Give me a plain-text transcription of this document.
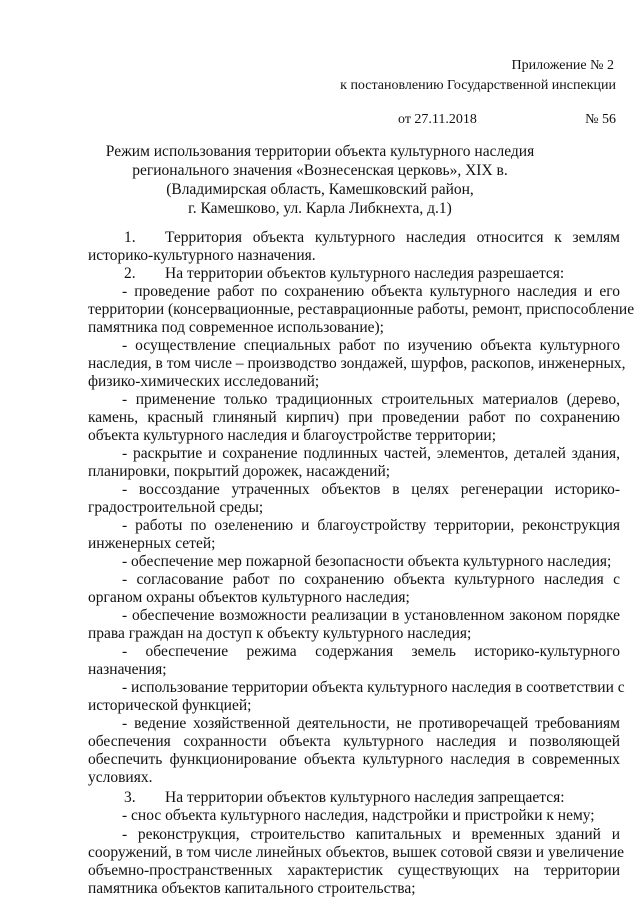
Приложение № 2
к постановлению Государственной инспекции
от 27.11.2018	№ 56
Режим использования территории объекта культурного наследия
регионального значения «Вознесенская церковь», XIX в.
(Владимирская область, Камешковский район,
г. Камешково, ул. Карла Либкнехта, д.1)
1. Территория объекта культурного наследия относится к землям
историко-культурного назначения.
2. На территории объектов культурного наследия разрешается:
- проведение работ по сохранению объекта культурного наследия и его
территории (консервационные, реставрационные работы, ремонт, приспособление
памятника под современное использование);
- осуществление специальных работ по изучению объекта культурного
наследия, в том числе – производство зондажей, шурфов, раскопов, инженерных,
физико-химических исследований;
- применение только традиционных строительных материалов (дерево,
камень, красный глиняный кирпич) при проведении работ по сохранению
объекта культурного наследия и благоустройстве территории;
- раскрытие и сохранение подлинных частей, элементов, деталей здания,
планировки, покрытий дорожек, насаждений;
- воссоздание утраченных объектов в целях регенерации историко-
градостроительной среды;
- работы по озеленению и благоустройству территории, реконструкция
инженерных сетей;
- обеспечение мер пожарной безопасности объекта культурного наследия;
- согласование работ по сохранению объекта культурного наследия с
органом охраны объектов культурного наследия;
- обеспечение возможности реализации в установленном законом порядке
права граждан на доступ к объекту культурного наследия;
- обеспечение режима содержания земель историко-культурного
назначения;
- использование территории объекта культурного наследия в соответствии с
исторической функцией;
- ведение хозяйственной деятельности, не противоречащей требованиям
обеспечения сохранности объекта культурного наследия и позволяющей
обеспечить функционирование объекта культурного наследия в современных
условиях.
3. На территории объектов культурного наследия запрещается:
- снос объекта культурного наследия, надстройки и пристройки к нему;
- реконструкция, строительство капитальных и временных зданий и
сооружений, в том числе линейных объектов, вышек сотовой связи и увеличение
объемно-пространственных характеристик существующих на территории
памятника объектов капитального строительства;
